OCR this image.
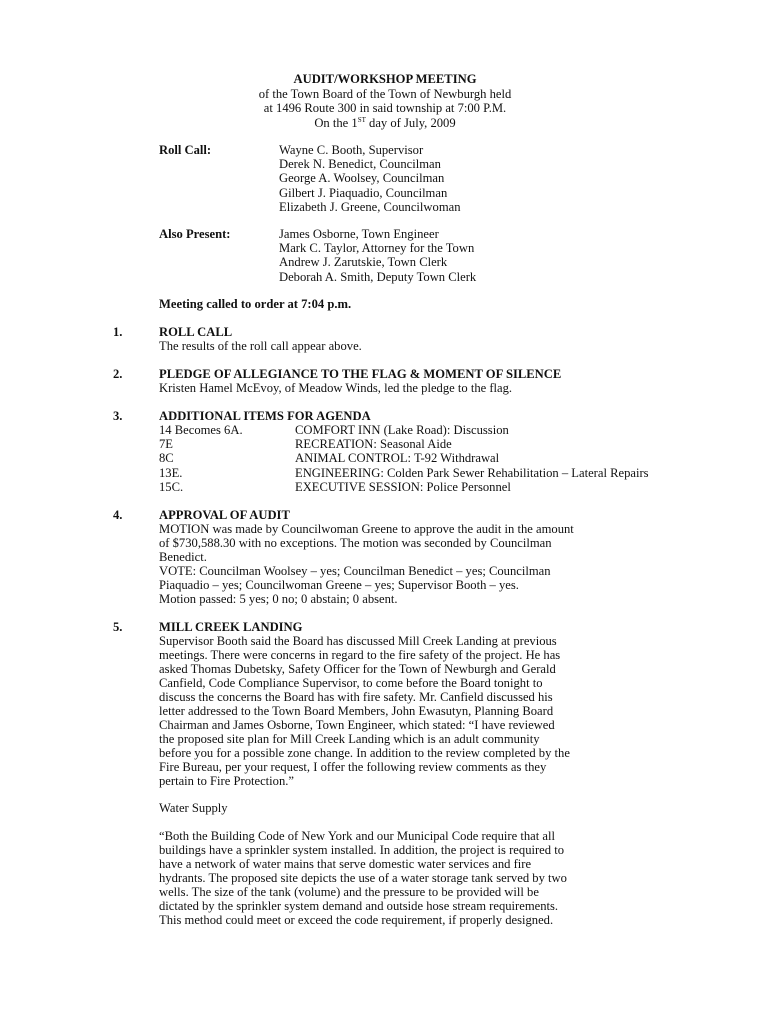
AUDIT/WORKSHOP MEETING
of the Town Board of the Town of Newburgh held
at 1496 Route 300 in said township at 7:00 P.M.
On the 1ST day of July, 2009
Roll Call:	Wayne C. Booth, Supervisor
Derek N. Benedict, Councilman
George A. Woolsey, Councilman
Gilbert J. Piaquadio, Councilman
Elizabeth J. Greene, Councilwoman
Also Present:	James Osborne, Town Engineer
Mark C. Taylor, Attorney for the Town
Andrew J. Zarutskie, Town Clerk
Deborah A. Smith, Deputy Town Clerk
Meeting called to order at 7:04 p.m.
1.	ROLL CALL
The results of the roll call appear above.
2.	PLEDGE OF ALLEGIANCE TO THE FLAG & MOMENT OF SILENCE
Kristen Hamel McEvoy, of Meadow Winds, led the pledge to the flag.
3.	ADDITIONAL ITEMS FOR AGENDA
14 Becomes 6A.	COMFORT INN (Lake Road): Discussion
7E	RECREATION: Seasonal Aide
8C	ANIMAL CONTROL: T-92 Withdrawal
13E.	ENGINEERING: Colden Park Sewer Rehabilitation – Lateral Repairs
15C.	EXECUTIVE SESSION: Police Personnel
4.	APPROVAL OF AUDIT
MOTION was made by Councilwoman Greene to approve the audit in the amount
of $730,588.30 with no exceptions. The motion was seconded by Councilman
Benedict.
VOTE: Councilman Woolsey – yes; Councilman Benedict – yes; Councilman
Piaquadio – yes; Councilwoman Greene – yes; Supervisor Booth – yes.
Motion passed: 5 yes; 0 no; 0 abstain; 0 absent.
5.	MILL CREEK LANDING
Supervisor Booth said the Board has discussed Mill Creek Landing at previous
meetings. There were concerns in regard to the fire safety of the project. He has
asked Thomas Dubetsky, Safety Officer for the Town of Newburgh and Gerald
Canfield, Code Compliance Supervisor, to come before the Board tonight to
discuss the concerns the Board has with fire safety. Mr. Canfield discussed his
letter addressed to the Town Board Members, John Ewasutyn, Planning Board
Chairman and James Osborne, Town Engineer, which stated: “I have reviewed
the proposed site plan for Mill Creek Landing which is an adult community
before you for a possible zone change. In addition to the review completed by the
Fire Bureau, per your request, I offer the following review comments as they
pertain to Fire Protection.”
Water Supply
“Both the Building Code of New York and our Municipal Code require that all
buildings have a sprinkler system installed. In addition, the project is required to
have a network of water mains that serve domestic water services and fire
hydrants. The proposed site depicts the use of a water storage tank served by two
wells. The size of the tank (volume) and the pressure to be provided will be
dictated by the sprinkler system demand and outside hose stream requirements.
This method could meet or exceed the code requirement, if properly designed.
